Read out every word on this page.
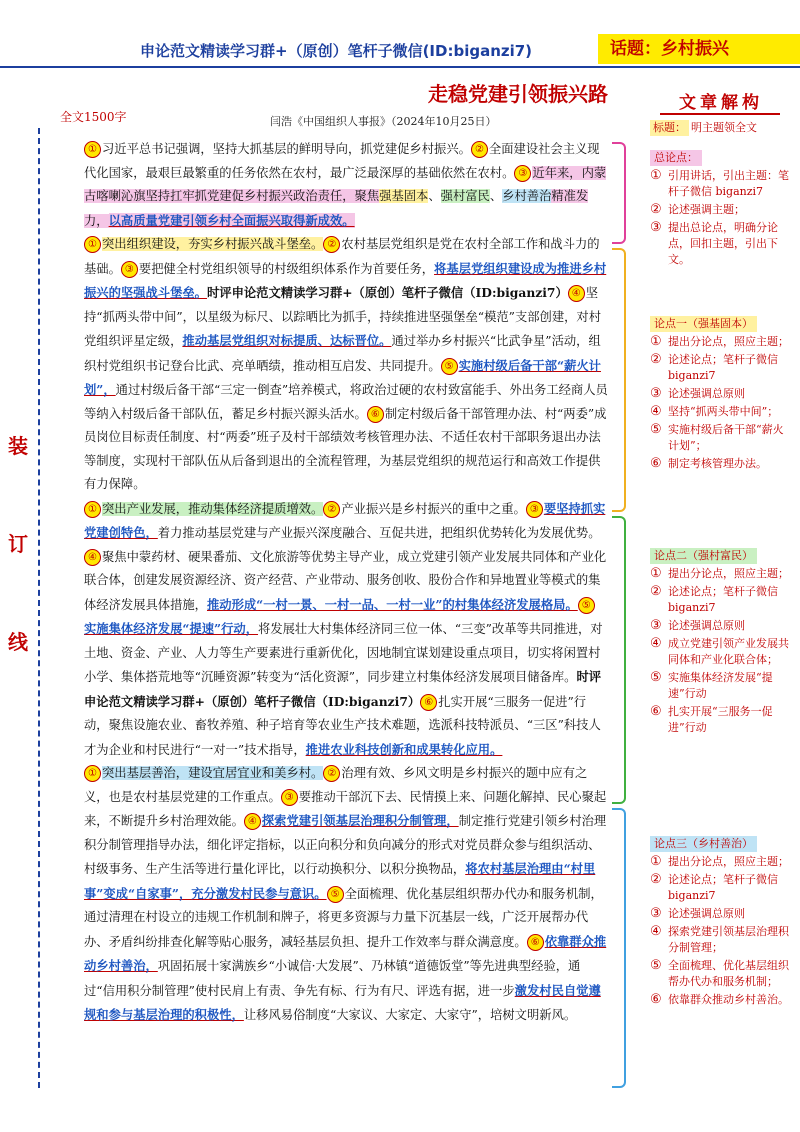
申论范文精读学习群+（原创）笔杆子微信(ID:biganzi7)	话题：乡村振兴
走稳党建引领振兴路
全文1500字	闫浩《中国组织人事报》（2024年10月25日）
装
订
线

① 习近平总书记强调，坚持大抓基层的鲜明导向，抓党建促乡村振兴。 ② 全面建设社会主义现代化国家，最艰巨最繁重的任务依然在农村，最广泛最深厚的基础依然在农村。 ③ 近年来，内蒙古喀喇沁旗坚持扛牢抓党建促乡村振兴政治责任，聚焦强基固本、强村富民、乡村善治精准发力，以高质量党建引领乡村全面振兴取得新成效。

① 突出组织建设，夯实乡村振兴战斗堡垒。 ② 农村基层党组织是党在农村全部工作和战斗力的基础。 ③ 要把健全村党组织领导的村级组织体系作为首要任务，将基层党组织建设成为推进乡村振兴的坚强战斗堡垒。时评申论范文精读学习群+（原创）笔杆子微信（ID:biganzi7） ④ 坚持“抓两头带中间”，以星级为标尺、以踪晒比为抓手，持续推进坚强堡垒“模范”支部创建，对村党组织评星定级，推动基层党组织对标提质、达标晋位。通过举办乡村振兴“比武争星”活动，组织村党组织书记登台比武、亮单晒绩，推动相互启发、共同提升。 ⑤ 实施村级后备干部“薪火计划”，通过村级后备干部“三定一倒查”培养模式，将政治过硬的农村致富能手、外出务工经商人员等纳入村级后备干部队伍，蓄足乡村振兴源头活水。 ⑥ 制定村级后备干部管理办法、村“两委”成员岗位目标责任制度、村“两委”班子及村干部绩效考核管理办法、不适任农村干部职务退出办法等制度，实现村干部队伍从后备到退出的全流程管理，为基层党组织的规范运行和高效工作提供有力保障。

① 突出产业发展，推动集体经济提质增效。 ② 产业振兴是乡村振兴的重中之重。 ③ 要坚持抓实党建创特色，着力推动基层党建与产业振兴深度融合、互促共进，把组织优势转化为发展优势。④ 聚焦中蒙药材、硬果番茄、文化旅游等优势主导产业，成立党建引领产业发展共同体和产业化联合体，创建发展资源经济、资产经营、产业带动、服务创收、股份合作和异地置业等模式的集体经济发展具体措施，推动形成“一村一景、一村一品、一村一业”的村集体经济发展格局。 ⑤实施集体经济发展“提速”行动，将发展壮大村集体经济同三位一体、“三变”改革等共同推进，对土地、资金、产业、人力等生产要素进行重新优化，因地制宜谋划建设重点项目，切实将闲置村小学、集体搭荒地等“沉睡资源”转变为“活化资源”，同步建立村集体经济发展项目储备库。时评申论范文精读学习群+（原创）笔杆子微信（ID:biganzi7） ⑥ 扎实开展“三服务一促进”行动，聚焦设施农业、畜牧养殖、种子培育等农业生产技术难题，选派科技特派员、“三区”科技人才为企业和村民进行“一对一”技术指导，推进农业科技创新和成果转化应用。

① 突出基层善治，建设宜居宜业和美乡村。 ② 治理有效、乡风文明是乡村振兴的题中应有之义，也是农村基层党建的工作重点。 ③ 要推动干部沉下去、民情摸上来、问题化解掉、民心聚起来，不断提升乡村治理效能。 ④ 探索党建引领基层治理积分制管理，制定推行党建引领乡村治理积分制管理指导办法，细化评定指标，以正向积分和负向减分的形式对党员群众参与组织活动、村级事务、生产生活等进行量化评比，以行动换积分、以积分换物品，将农村基层治理由“村里事”变成“自家事”，充分激发村民参与意识。 ⑤ 全面梳理、优化基层组织帮办代办和服务机制，通过清理在村设立的违规工作机制和牌子，将更多资源与力量下沉基层一线，广泛开展帮办代办、矛盾纠纷排查化解等贴心服务，减轻基层负担、提升工作效率与群众满意度。 ⑥ 依靠群众推动乡村善治，巩固拓展十家满族乡“小诚信·大发展”、乃林镇“道德饭堂”等先进典型经验，通过“信用积分制管理”使村民肩上有责、争先有标、行为有尺、评选有据，进一步激发村民自觉遵规和参与基层治理的积极性，让移风易俗制度“大家议、大家定、大家守”，培树文明新风。

文章解构
标题： 明主题领全文
总论点：
① 引用讲话，引出主题：笔杆子微信 biganzi7
② 论述强调主题；
③ 提出总论点，明确分论点，回扣主题，引出下文。
论点一（强基固本）
① 提出分论点，照应主题；
② 论述论点；笔杆子微信 biganzi7
③ 论述强调总原则
④ 坚持“抓两头带中间”；
⑤ 实施村级后备干部“薪火计划”；
⑥ 制定考核管理办法。
论点二（强村富民）
① 提出分论点，照应主题；
② 论述论点；笔杆子微信 biganzi7
③ 论述强调总原则
④ 成立党建引领产业发展共同体和产业化联合体；
⑤ 实施集体经济发展“提速”行动
⑥ 扎实开展“三服务一促进”行动
论点三（乡村善治）
① 提出分论点，照应主题；
② 论述论点；笔杆子微信 biganzi7
③ 论述强调总原则
④ 探索党建引领基层治理积分制管理；
⑤ 全面梳理、优化基层组织帮办代办和服务机制；
⑥ 依靠群众推动乡村善治。
